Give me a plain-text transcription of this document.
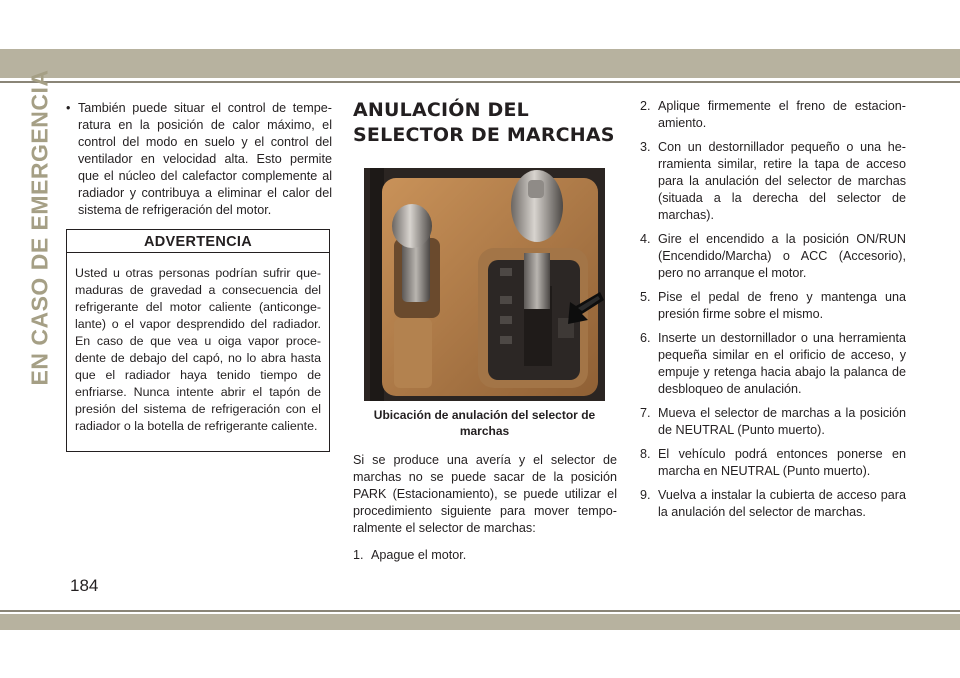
EN CASO DE EMERGENCIA • También puede situar el control de temperatura en la posición de calor máximo, el control del modo en suelo y el control del ventilador en velocidad alta. Esto permite que el núcleo del calefactor complemente al radiador y contribuya a eliminar el calor del sistema de refrigeración del motor.

ADVERTENCIA

Usted u otras personas podrían sufrir quemaduras de gravedad a consecuencia del refrigerante del motor caliente (anticongelante) o el vapor desprendido del radiador. En caso de que vea u oiga vapor procedente de debajo del capó, no lo abra hasta que el radiador haya tenido tiempo de enfriarse. Nunca intente abrir el tapón de presión del sistema de refrigeración con el radiador o la botella de refrigerante caliente.

ANULACIÓN DEL
SELECTOR DE MARCHAS
Ubicación de anulación del selector de marchas

Si se produce una avería y el selector de marchas no se puede sacar de la posición PARK (Estacionamiento), se puede utilizar el procedimiento siguiente para mover temporalmente el selector de marchas:

1. Apague el motor.

2. Aplique firmemente el freno de estacionamiento.

3. Con un destornillador pequeño o una herramienta similar, retire la tapa de acceso para la anulación del selector de marchas (situada a la derecha del selector de marchas).

4. Gire el encendido a la posición ON/RUN (Encendido/Marcha) o ACC (Accesorio), pero no arranque el motor.

5. Pise el pedal de freno y mantenga una presión firme sobre el mismo.

6. Inserte un destornillador o una herramienta pequeña similar en el orificio de acceso, y empuje y retenga hacia abajo la palanca de desbloqueo de anulación.

7. Mueva el selector de marchas a la posición de NEUTRAL (Punto muerto).

8. El vehículo podrá entonces ponerse en marcha en NEUTRAL (Punto muerto).

9. Vuelva a instalar la cubierta de acceso para la anulación del selector de marchas.

184
